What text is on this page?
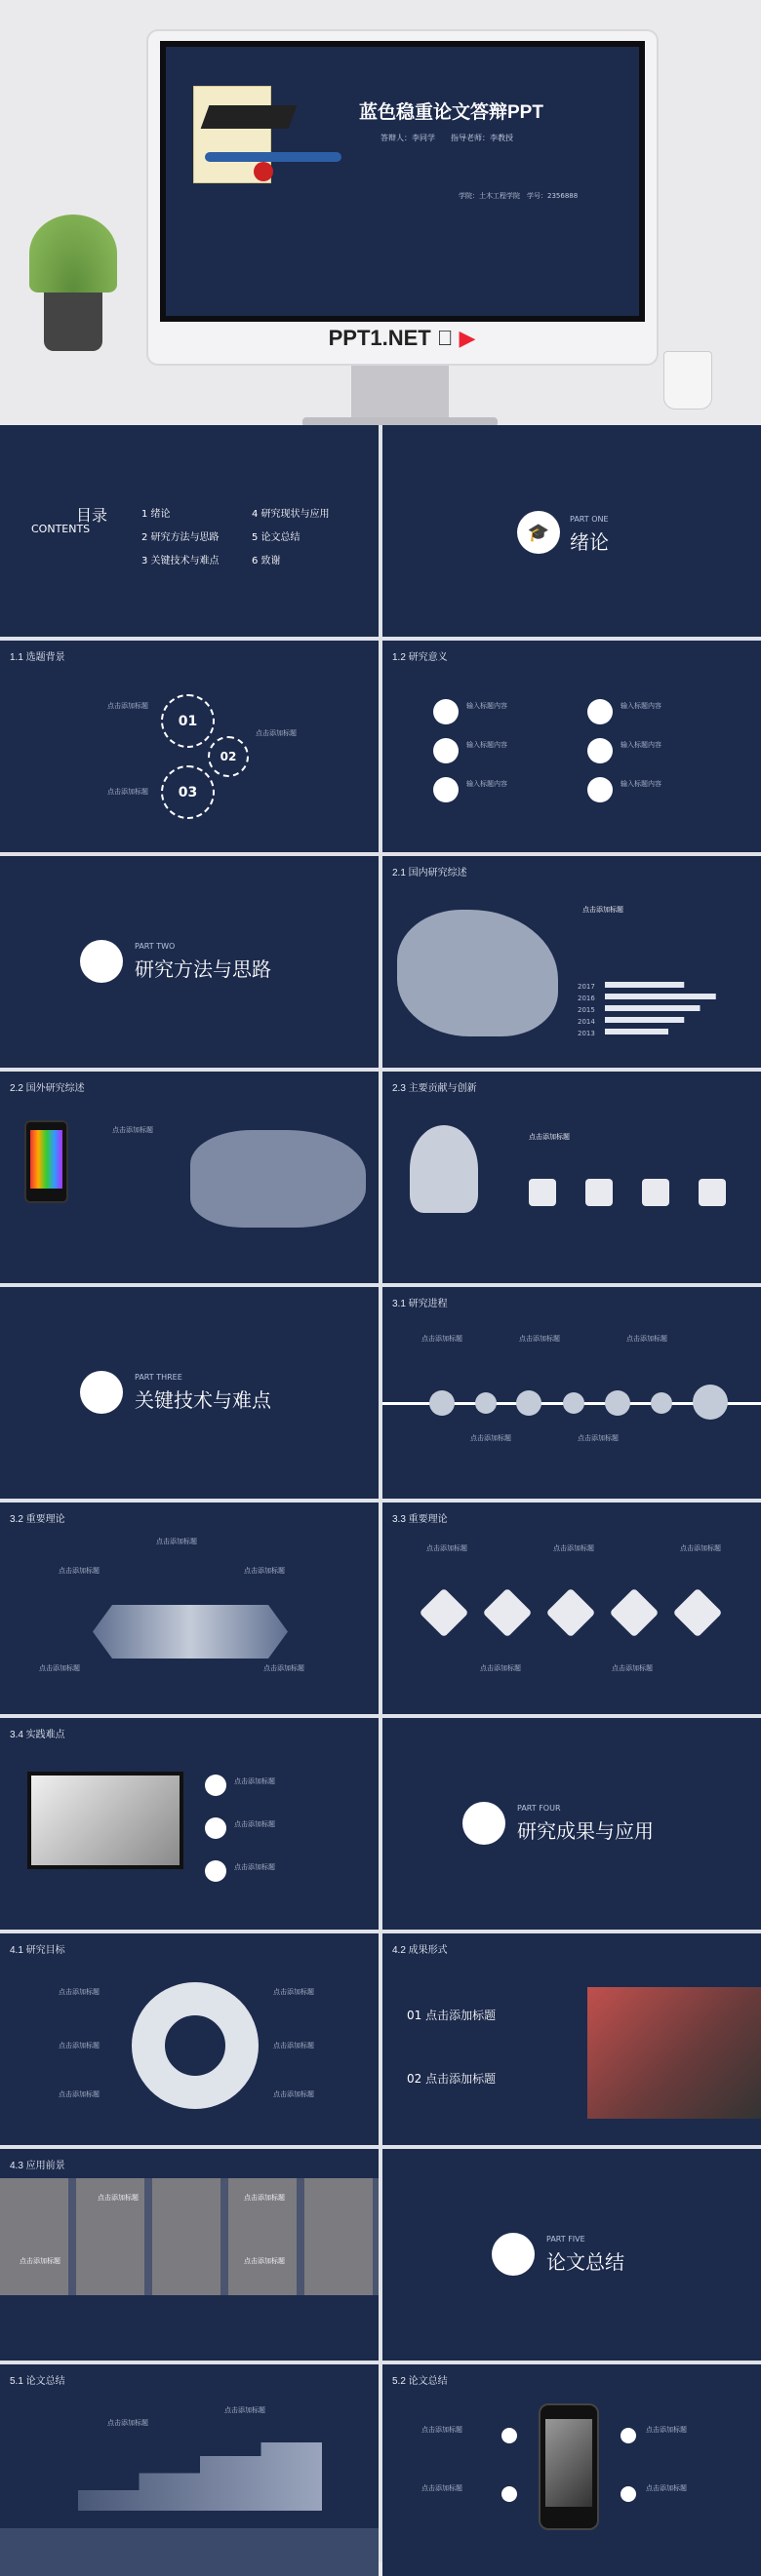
蓝色稳重论文答辩PPT
答辩人：李同学　　指导老师：李教授
学院：土木工程学院　学号：2356888
PPT1.NET ▶
目录
CONTENTS
1 绪论
2 研究方法与思路
3 关键技术与难点
4 研究现状与应用
5 论文总结
6 致谢
🎓
PART ONE
绪论
1.1 选题背景
01
02
03
点击添加标题
点击添加标题
点击添加标题
1.2 研究意义
输入标题内容
输入标题内容
输入标题内容
输入标题内容
输入标题内容
输入标题内容
PART TWO
研究方法与思路
2.1 国内研究综述
点击添加标题
2017
2016
2015
2014
2013
2.2 国外研究综述
点击添加标题
2.3 主要贡献与创新
点击添加标题
PART THREE
关键技术与难点
3.1 研究进程
点击添加标题	点击添加标题	点击添加标题
点击添加标题	点击添加标题
3.2 重要理论
点击添加标题
点击添加标题	点击添加标题
点击添加标题	点击添加标题
3.3 重要理论
点击添加标题	点击添加标题	点击添加标题
点击添加标题	点击添加标题
3.4 实践难点
点击添加标题
点击添加标题
点击添加标题
PART FOUR
研究成果与应用
4.1 研究目标
点击添加标题	点击添加标题
点击添加标题	点击添加标题
点击添加标题	点击添加标题
4.2 成果形式
01 点击添加标题
02 点击添加标题
4.3 应用前景
点击添加标题	点击添加标题
点击添加标题	点击添加标题
PART FIVE
论文总结
5.1 论文总结
点击添加标题
点击添加标题
5.2 论文总结
点击添加标题
点击添加标题
点击添加标题
点击添加标题
